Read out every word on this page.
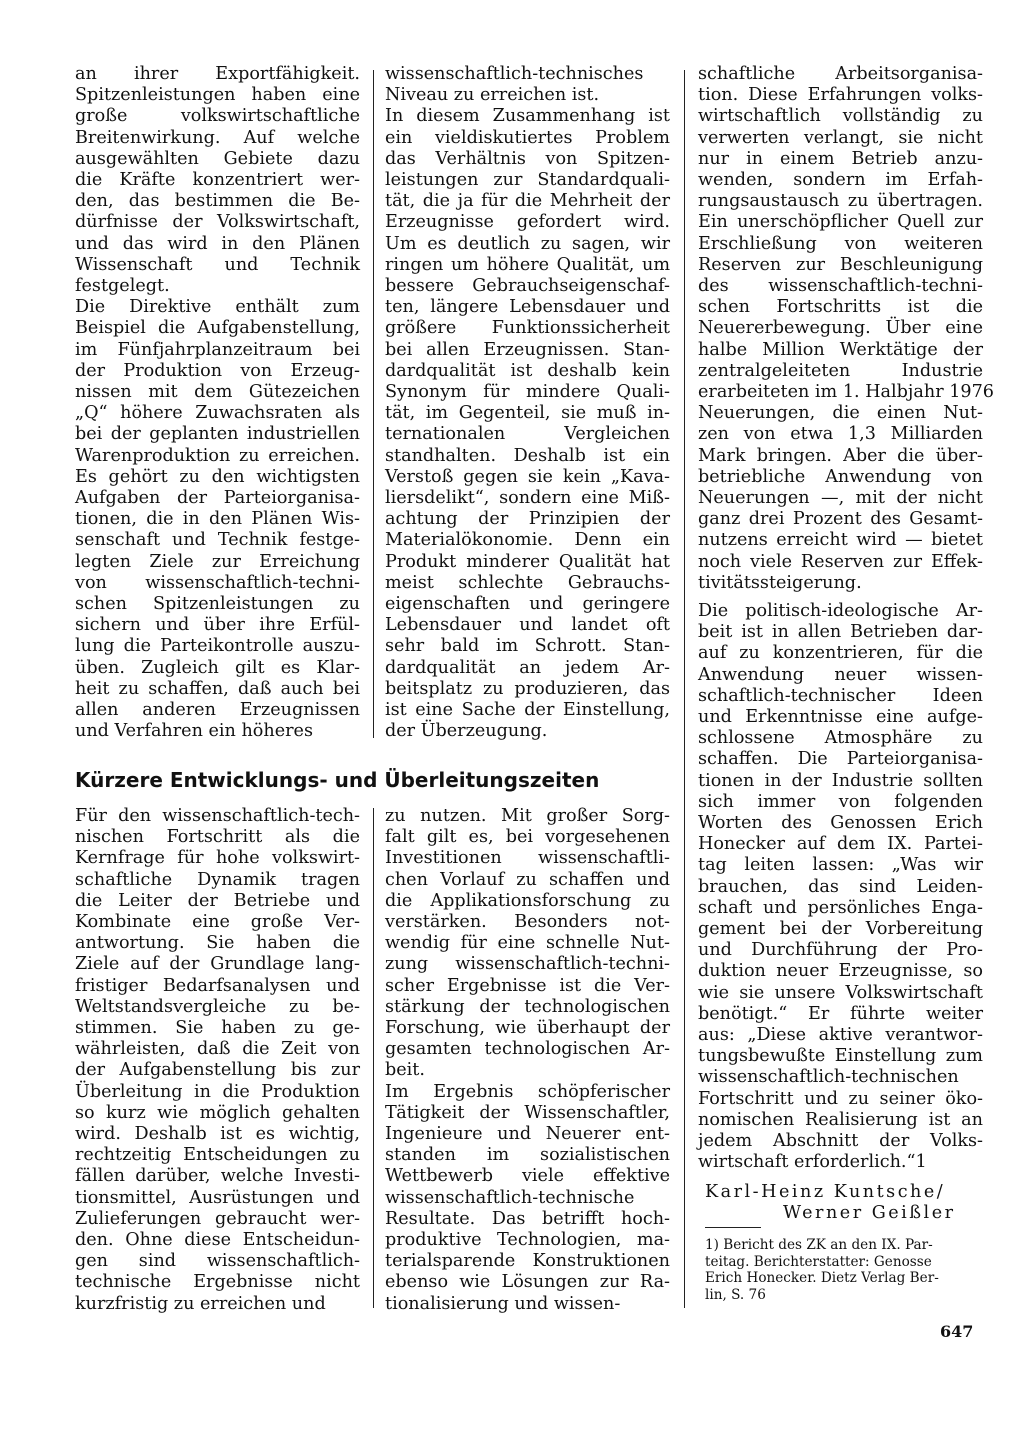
an ihrer Exportfähigkeit.
Spitzenleistungen haben eine
große volkswirtschaftliche
Breitenwirkung. Auf welche
ausgewählten Gebiete dazu
die Kräfte konzentriert wer-
den, das bestimmen die Be-
dürfnisse der Volkswirtschaft,
und das wird in den Plänen
Wissenschaft und Technik
festgelegt.
Die Direktive enthält zum
Beispiel die Aufgabenstellung,
im Fünfjahrplanzeitraum bei
der Produktion von Erzeug-
nissen mit dem Gütezeichen
„Q“ höhere Zuwachsraten als
bei der geplanten industriellen
Warenproduktion zu erreichen.
Es gehört zu den wichtigsten
Aufgaben der Parteiorganisa-
tionen, die in den Plänen Wis-
senschaft und Technik festge-
legten Ziele zur Erreichung
von wissenschaftlich-techni-
schen Spitzenleistungen zu
sichern und über ihre Erfül-
lung die Parteikontrolle auszu-
üben. Zugleich gilt es Klar-
heit zu schaffen, daß auch bei
allen anderen Erzeugnissen
und Verfahren ein höheres
wissenschaftlich-technisches
Niveau zu erreichen ist.
In diesem Zusammenhang ist
ein vieldiskutiertes Problem
das Verhältnis von Spitzen-
leistungen zur Standardquali-
tät, die ja für die Mehrheit der
Erzeugnisse gefordert wird.
Um es deutlich zu sagen, wir
ringen um höhere Qualität, um
bessere Gebrauchseigenschaf-
ten, längere Lebensdauer und
größere Funktionssicherheit
bei allen Erzeugnissen. Stan-
dardqualität ist deshalb kein
Synonym für mindere Quali-
tät, im Gegenteil, sie muß in-
ternationalen Vergleichen
standhalten. Deshalb ist ein
Verstoß gegen sie kein „Kava-
liersdelikt“, sondern eine Miß-
achtung der Prinzipien der
Materialökonomie. Denn ein
Produkt minderer Qualität hat
meist schlechte Gebrauchs-
eigenschaften und geringere
Lebensdauer und landet oft
sehr bald im Schrott. Stan-
dardqualität an jedem Ar-
beitsplatz zu produzieren, das
ist eine Sache der Einstellung,
der Überzeugung.
Kürzere Entwicklungs- und Überleitungszeiten
Für den wissenschaftlich-tech-
nischen Fortschritt als die
Kernfrage für hohe volkswirt-
schaftliche Dynamik tragen
die Leiter der Betriebe und
Kombinate eine große Ver-
antwortung. Sie haben die
Ziele auf der Grundlage lang-
fristiger Bedarfsanalysen und
Weltstandsvergleiche zu be-
stimmen. Sie haben zu ge-
währleisten, daß die Zeit von
der Aufgabenstellung bis zur
Überleitung in die Produktion
so kurz wie möglich gehalten
wird. Deshalb ist es wichtig,
rechtzeitig Entscheidungen zu
fällen darüber, welche Investi-
tionsmittel, Ausrüstungen und
Zulieferungen gebraucht wer-
den. Ohne diese Entscheidun-
gen sind wissenschaftlich-
technische Ergebnisse nicht
kurzfristig zu erreichen und
zu nutzen. Mit großer Sorg-
falt gilt es, bei vorgesehenen
Investitionen wissenschaftli-
chen Vorlauf zu schaffen und
die Applikationsforschung zu
verstärken. Besonders not-
wendig für eine schnelle Nut-
zung wissenschaftlich-techni-
scher Ergebnisse ist die Ver-
stärkung der technologischen
Forschung, wie überhaupt der
gesamten technologischen Ar-
beit.
Im Ergebnis schöpferischer
Tätigkeit der Wissenschaftler,
Ingenieure und Neuerer ent-
standen im sozialistischen
Wettbewerb viele effektive
wissenschaftlich-technische
Resultate. Das betrifft hoch-
produktive Technologien, ma-
terialsparende Konstruktionen
ebenso wie Lösungen zur Ra-
tionalisierung und wissen-
schaftliche Arbeitsorganisa-
tion. Diese Erfahrungen volks-
wirtschaftlich vollständig zu
verwerten verlangt, sie nicht
nur in einem Betrieb anzu-
wenden, sondern im Erfah-
rungsaustausch zu übertragen.
Ein unerschöpflicher Quell zur
Erschließung von weiteren
Reserven zur Beschleunigung
des wissenschaftlich-techni-
schen Fortschritts ist die
Neuererbewegung. Über eine
halbe Million Werktätige der
zentralgeleiteten Industrie
erarbeiteten im 1. Halbjahr 1976
Neuerungen, die einen Nut-
zen von etwa 1,3 Milliarden
Mark bringen. Aber die über-
betriebliche Anwendung von
Neuerungen —, mit der nicht
ganz drei Prozent des Gesamt-
nutzens erreicht wird — bietet
noch viele Reserven zur Effek-
tivitätssteigerung.
Die politisch-ideologische Ar-
beit ist in allen Betrieben dar-
auf zu konzentrieren, für die
Anwendung neuer wissen-
schaftlich-technischer Ideen
und Erkenntnisse eine aufge-
schlossene Atmosphäre zu
schaffen. Die Parteiorganisa-
tionen in der Industrie sollten
sich immer von folgenden
Worten des Genossen Erich
Honecker auf dem IX. Partei-
tag leiten lassen: „Was wir
brauchen, das sind Leiden-
schaft und persönliches Enga-
gement bei der Vorbereitung
und Durchführung der Pro-
duktion neuer Erzeugnisse, so
wie sie unsere Volkswirtschaft
benötigt.“ Er führte weiter
aus: „Diese aktive verantwor-
tungsbewußte Einstellung zum
wissenschaftlich-technischen
Fortschritt und zu seiner öko-
nomischen Realisierung ist an
jedem Abschnitt der Volks-
wirtschaft erforderlich.“1
Karl-Heinz Kuntsche/
Werner Geißler
1) Bericht des ZK an den IX. Par-
teitag. Berichterstatter: Genosse
Erich Honecker. Dietz Verlag Ber-
lin, S. 76
647
